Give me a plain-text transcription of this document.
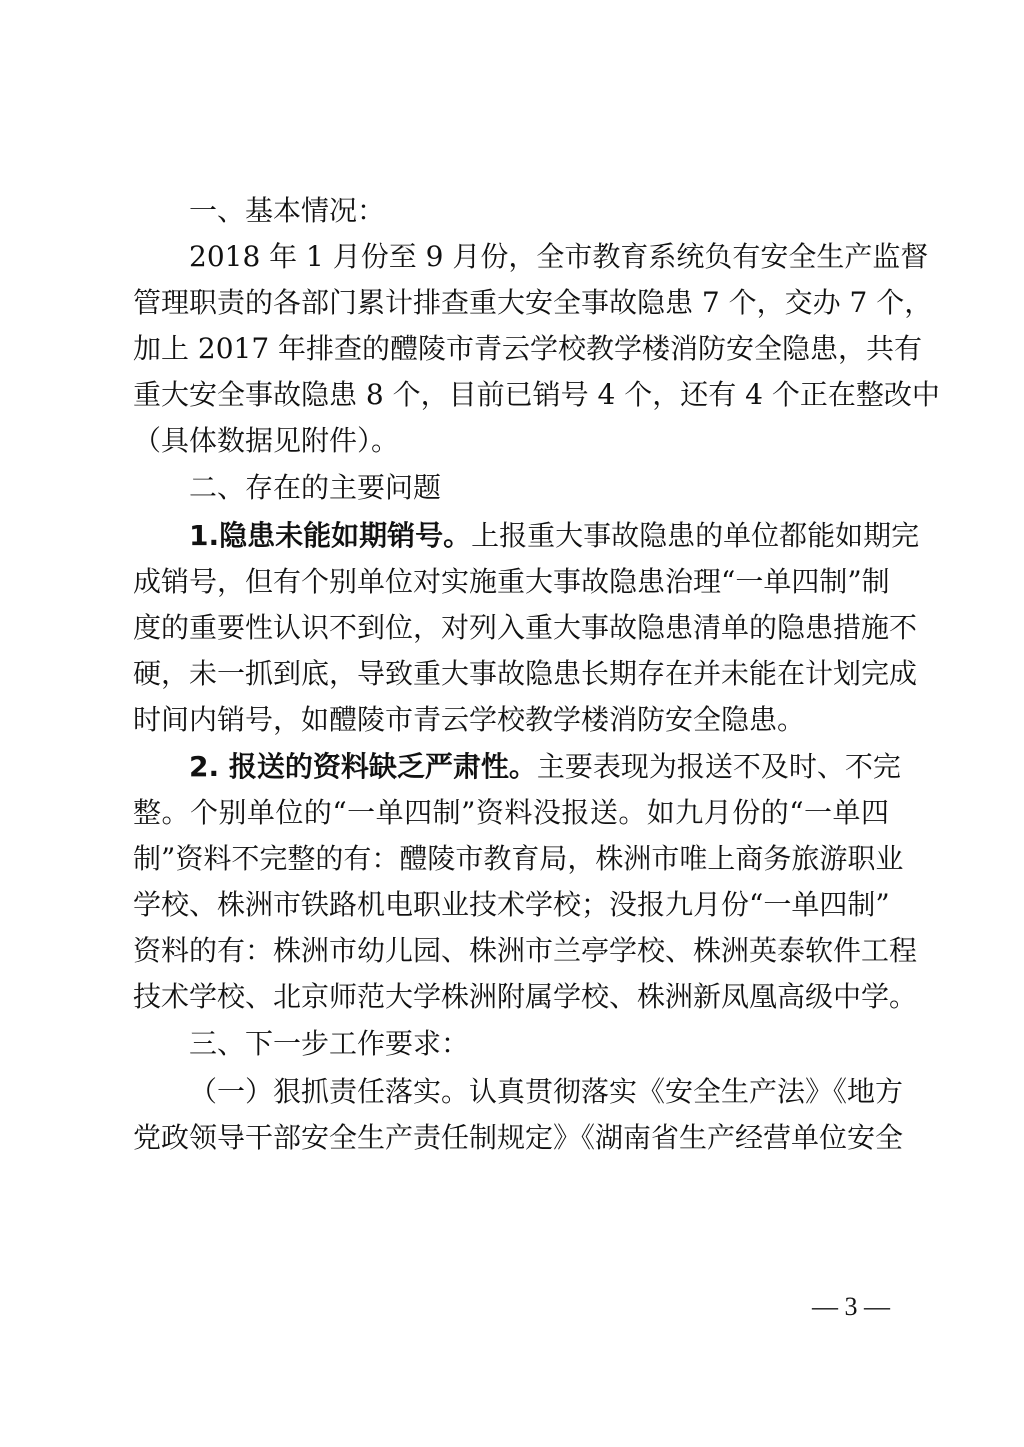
一、基本情况：
2018 年 1 月份至 9 月份，全市教育系统负有安全生产监督
管理职责的各部门累计排查重大安全事故隐患 7 个，交办 7 个，
加上 2017 年排查的醴陵市青云学校教学楼消防安全隐患，共有
重大安全事故隐患 8 个，目前已销号 4 个，还有 4 个正在整改中
（具体数据见附件）。
二、存在的主要问题
1.隐患未能如期销号。上报重大事故隐患的单位都能如期完
成销号，但有个别单位对实施重大事故隐患治理“一单四制”制
度的重要性认识不到位，对列入重大事故隐患清单的隐患措施不
硬，未一抓到底，导致重大事故隐患长期存在并未能在计划完成
时间内销号，如醴陵市青云学校教学楼消防安全隐患。
2. 报送的资料缺乏严肃性。主要表现为报送不及时、不完
整。个别单位的“一单四制”资料没报送。如九月份的“一单四
制”资料不完整的有：醴陵市教育局，株洲市唯上商务旅游职业
学校、株洲市铁路机电职业技术学校；没报九月份“一单四制”
资料的有：株洲市幼儿园、株洲市兰亭学校、株洲英泰软件工程
技术学校、北京师范大学株洲附属学校、株洲新凤凰高级中学。
三、下一步工作要求：
（一）狠抓责任落实。认真贯彻落实《安全生产法》《地方
党政领导干部安全生产责任制规定》《湖南省生产经营单位安全
— 3 —
